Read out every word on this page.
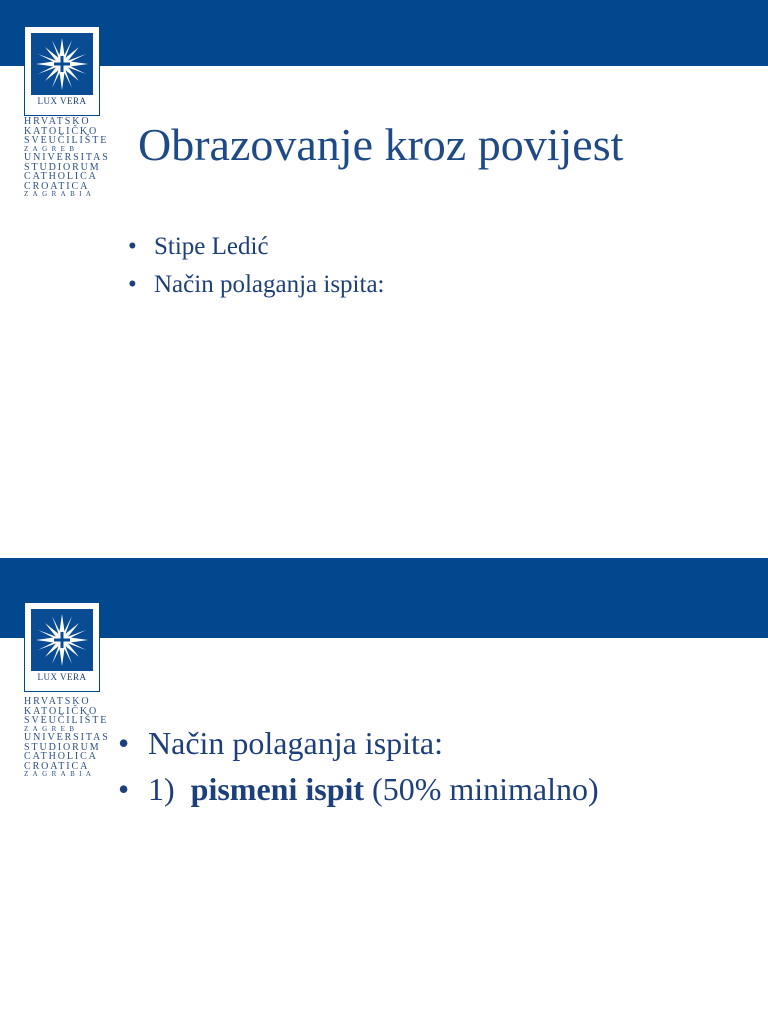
LUX VERA
HRVATSKO
KATOLIČKO
SVEUČILIŠTE
ZAGREB
UNIVERSITAS
STUDIORUM
CATHOLICA
CROATICA
ZAGRABIA
Obrazovanje kroz povijest
• Stipe Ledić
• Način polaganja ispita:
LUX VERA
HRVATSKO
KATOLIČKO
SVEUČILIŠTE
ZAGREB
UNIVERSITAS
STUDIORUM
CATHOLICA
CROATICA
ZAGRABIA
• Način polaganja ispita:
• 1) pismeni ispit (50% minimalno)
